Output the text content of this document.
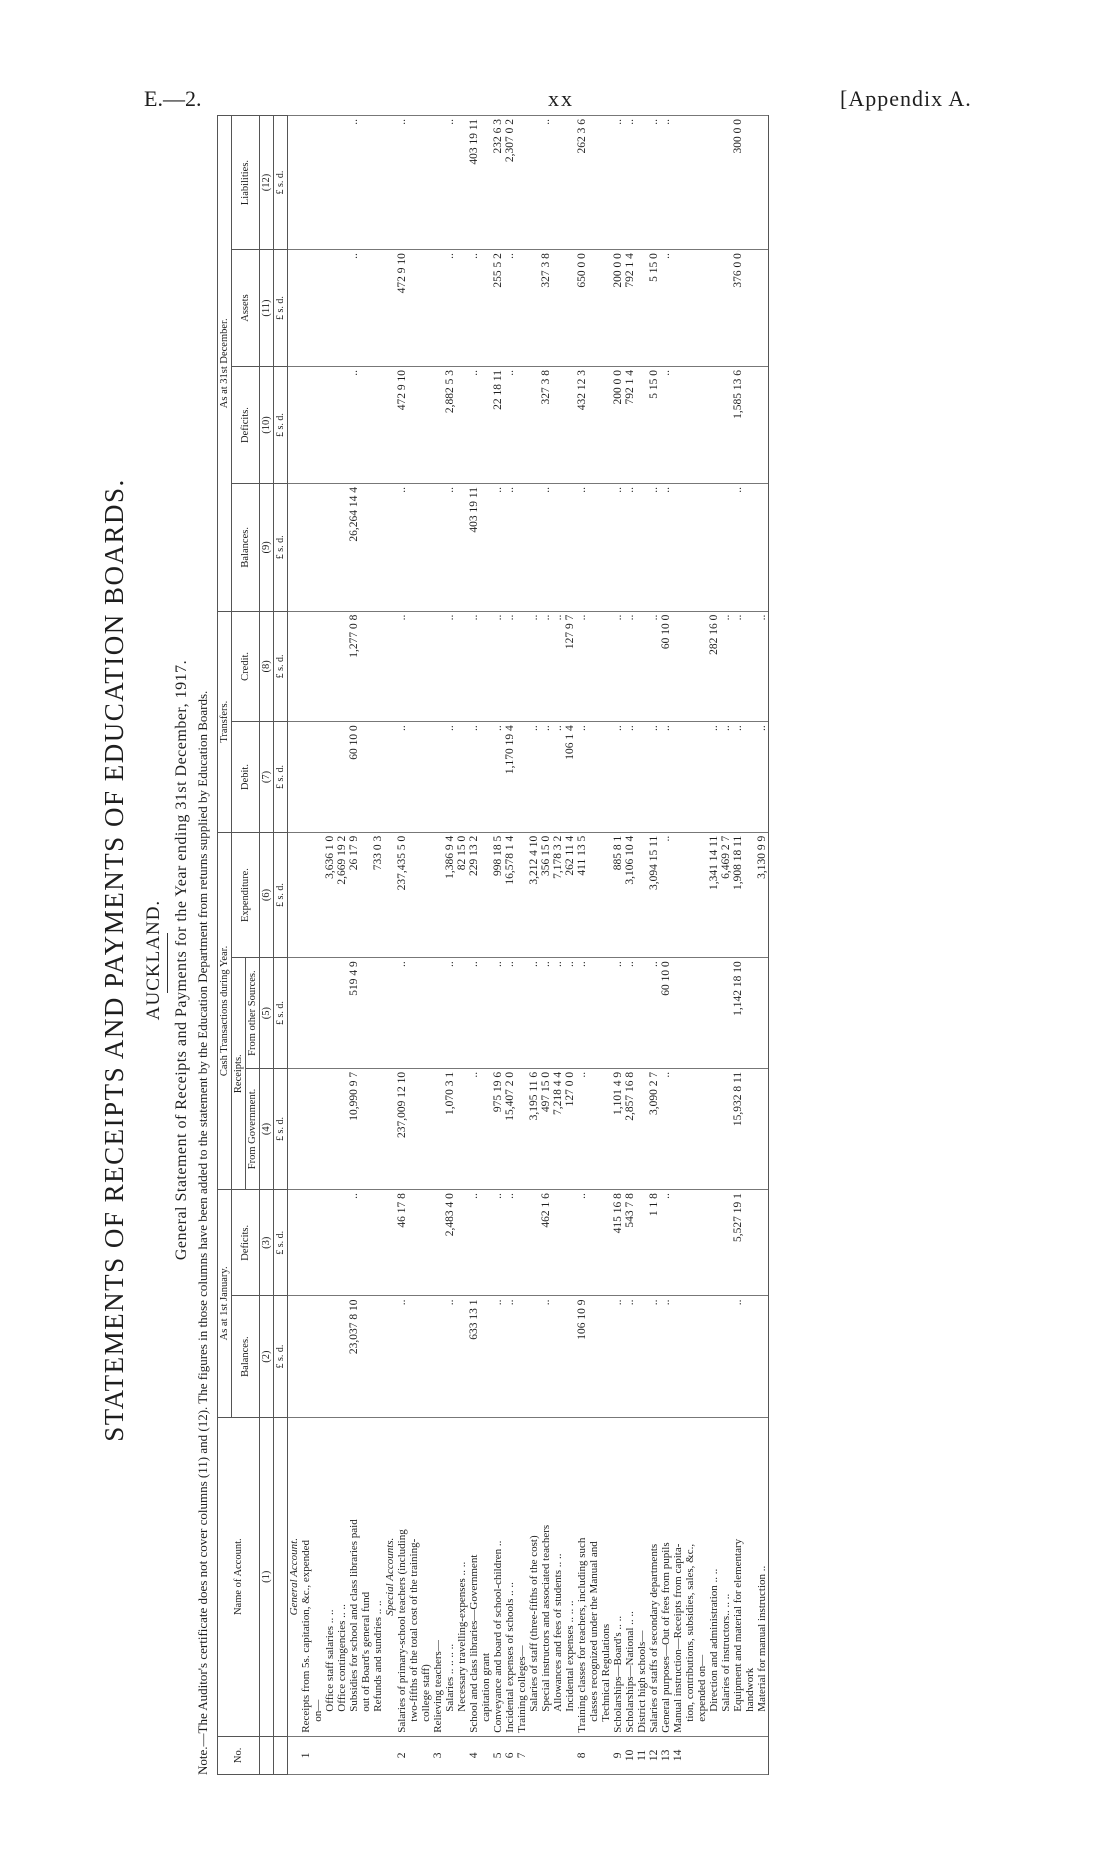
E.—2.	xx	[Appendix A.
STATEMENTS OF RECEIPTS AND PAYMENTS OF EDUCATION BOARDS. AUCKLAND. General Statement of Receipts and Payments for the Year ending 31st December, 1917. Note.—The Auditor's certificate does not cover columns (11) and (12). The figures in those columns have been added to the statement by the Education Department from returns supplied by Education Boards. No.	Name of Account.	As at 1st January.		Cash Transactions during Year.			Transfers.		As at 31st December.			
		Balances.	Deficits.	Receipts.		Expenditure.	Debit.	Credit.	Balances.	Deficits.	Assets	Liabilities.
				From Government.	From other Sources.							
	(1)	(2)	(3)	(4)	(5)	(6)	(7)	(8)	(9)	(10)	(11)	(12)
		£ s. d.	£ s. d.	£ s. d.	£ s. d.	£ s. d.	£ s. d.	£ s. d.	£ s. d.	£ s. d.	£ s. d.	£ s. d.
	General Account.											
1	Receipts from 5s. capitation, &c., expended											
	on—											
	Office staff salaries .. ..					3,636 1 0						
	Office contingencies .. ..					2,669 19 2						
	Subsidies for school and class libraries paid	23,037 8 10	..	10,990 9 7	519 4 9	26 17 9	60 10 0	1,277 0 8	26,264 14 4	..	..	..
	out of Board's general fund											
	Refunds and sundries .. ..					733 0 3						
	Special Accounts.											
2	Salaries of primary-school teachers (including	..	46 17 8	237,009 12 10	..	237,435 5 0	..	..	..	472 9 10	472 9 10	..
	two-fifths of the total cost of the training-											
	college staff)											
3	Relieving teachers—											
	Salaries .. .. .. ..	..	2,483 4 0	1,070 3 1	..	1,386 9 4	..	..	..	2,882 5 3	..	..
	Necessary travelling-expenses .. ..					82 15 0						
4	School and class libraries—Government	633 13 1	..	..	..	229 13 2	..	..	403 19 11	..	..	403 19 11
	capitation grant											
5	Conveyance and board of school-children ..	..	..	975 19 6	..	998 18 5	..	..	..	22 18 11	255 5 2	232 6 3
6	Incidental expenses of schools .. ..	..	..	15,407 2 0	..	16,578 1 4	1,170 19 4	..	..	..	..	2,307 0 2
7	Training colleges—											
	Salaries of staff (three-fifths of the cost)			3,195 11 6	..	3,212 4 10	..	..				
	Special instructors and associated teachers	..	462 1 6	497 15 0	..	356 15 0	..	..	..	327 3 8	327 3 8	..
	Allowances and fees of students .. ..			7,218 4 4	..	7,178 3 2	..	..				
	Incidental expenses .. .. ..			127 0 0	..	262 11 4	106 1 4	127 9 7				
8	Training classes for teachers, including such	106 10 9	..	..	..	411 13 5	..	..	..	432 12 3	650 0 0	262 3 6
	classes recognized under the Manual and											
	Technical Regulations											
9	Scholarships—Board's .. ..	..	415 16 8	1,101 4 9	..	885 8 1	..	..	..	200 0 0	200 0 0	..
10	Scholarships—National .. ..	..	543 7 8	2,857 16 8	..	3,106 10 4	..	..	..	792 1 4	792 1 4	..
11	District high schools—											
12	Salaries of staffs of secondary departments	..	1 1 8	3,090 2 7	..	3,094 15 11	..	..	..	5 15 0	5 15 0	..
13	General purposes—Out of fees from pupils	..	..	..	60 10 0	..	..	60 10 0	..	..	..	..
14	Manual instruction—Receipts from capita-											
	tion, contributions, subsidies, sales, &c.,											
	expended on—											
	Direction and administration .. ..					1,341 14 11	..	282 16 0				
	Salaries of instructors.. .. ..					6,469 2 7	..	..				
	Equipment and material for elementary	..	5,527 19 1	15,932 8 11	1,142 18 10	1,908 18 11	..	..	..	1,585 13 6	376 0 0	300 0 0
	handwork											
	Material for manual instruction ..					3,130 9 9	..	..				
